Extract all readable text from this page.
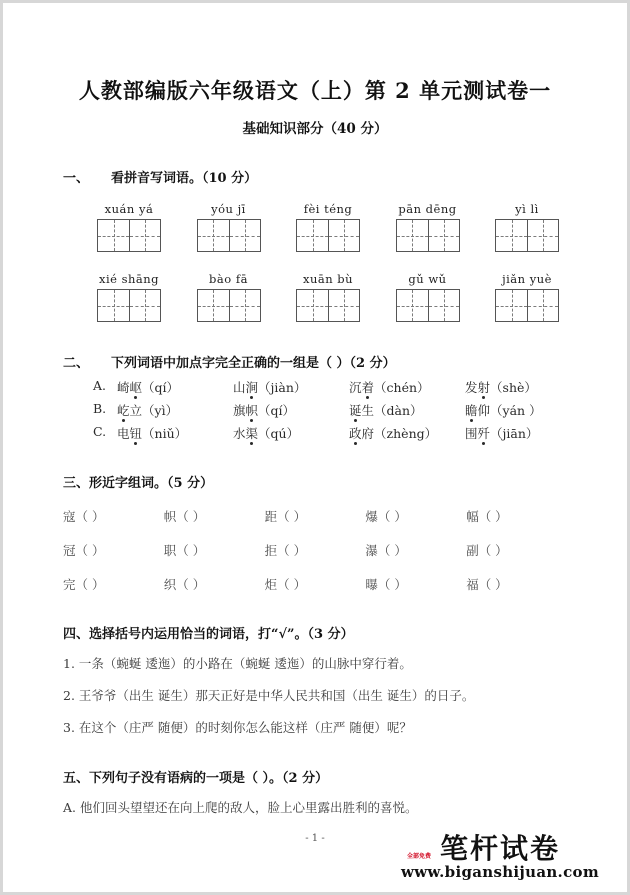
人教部编版六年级语文（上）第 2 单元测试卷一
基础知识部分（40 分）
一、 看拼音写词语。（10 分）
xuán yá	yóu jī	fèi téng	pān dēng	yì lì
xié shāng	bào fā	xuān bù	gǔ wǔ	jiǎn yuè
二、 下列词语中加点字完全正确的一组是（ ）（2 分）
A. 崎岖（qí）	山涧（jiàn）	沉着（chén）	发射（shè）
B. 屹立（yì）	旗帜（qí）	诞生（dàn）	瞻仰（yán ）
C. 电钮（niǔ）	水渠（qú）	政府（zhèng）	围歼（jiān）
三、形近字组词。（5 分）
寇（ ）	帜（ ）	距（ ）	爆（ ）	幅（ ）
冠（ ）	职（ ）	拒（ ）	瀑（ ）	副（ ）
完（ ）	织（ ）	炬（ ）	曝（ ）	福（ ）
四、选择括号内运用恰当的词语，打“√”。（3 分）
1. 一条（蜿蜒 逶迤）的小路在（蜿蜒 逶迤）的山脉中穿行着。
2. 王爷爷（出生 诞生）那天正好是中华人民共和国（出生 诞生）的日子。
3. 在这个（庄严 随便）的时刻你怎么能这样（庄严 随便）呢？
五、下列句子没有语病的一项是（ ）。（2 分）
A. 他们回头望望还在向上爬的敌人，脸上心里露出胜利的喜悦。
- 1 -
全部免费 笔杆试卷
www.biganshijuan.com
